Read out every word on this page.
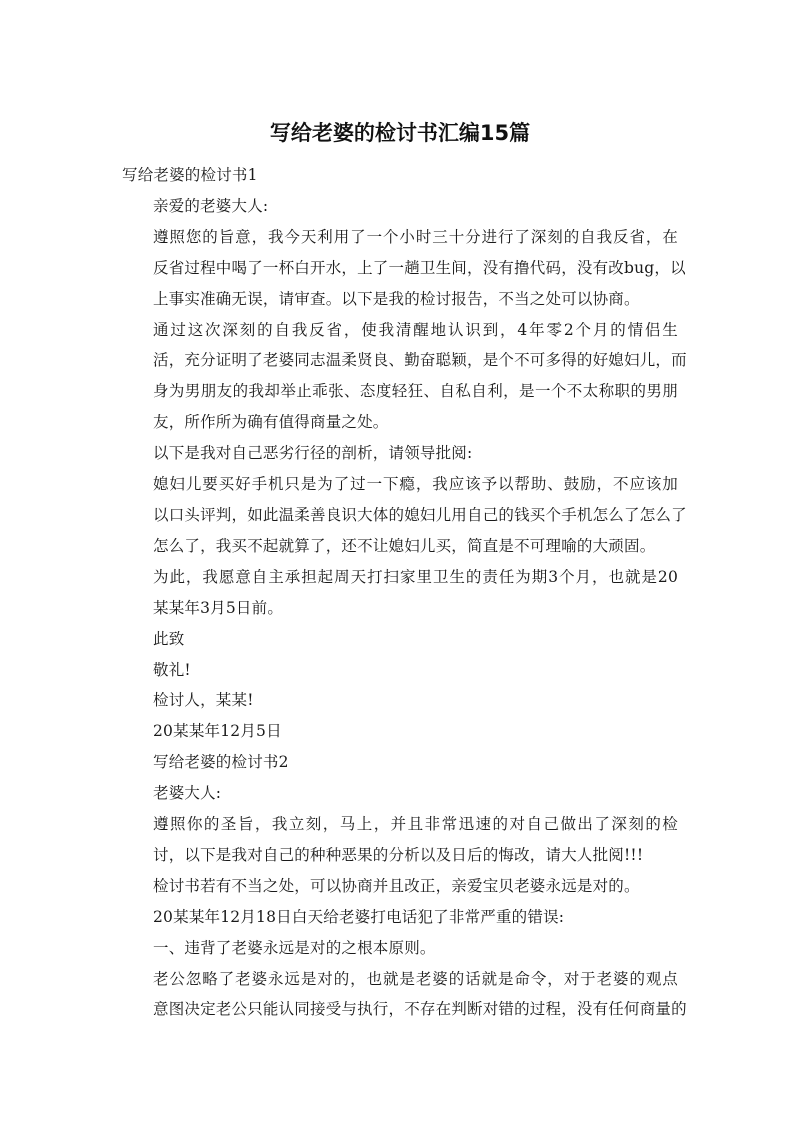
写给老婆的检讨书汇编15篇
写给老婆的检讨书1
亲爱的老婆大人:
遵照您的旨意，我今天利用了一个小时三十分进行了深刻的自我反省，在
反省过程中喝了一杯白开水，上了一趟卫生间，没有撸代码，没有改bug，以
上事实准确无误，请审查。以下是我的检讨报告，不当之处可以协商。
通过这次深刻的自我反省，使我清醒地认识到，4年零2个月的情侣生
活，充分证明了老婆同志温柔贤良、勤奋聪颖，是个不可多得的好媳妇儿，而
身为男朋友的我却举止乖张、态度轻狂、自私自利，是一个不太称职的男朋
友，所作所为确有值得商量之处。
以下是我对自己恶劣行径的剖析，请领导批阅:
媳妇儿要买好手机只是为了过一下瘾，我应该予以帮助、鼓励，不应该加
以口头评判，如此温柔善良识大体的媳妇儿用自己的钱买个手机怎么了怎么了
怎么了，我买不起就算了，还不让媳妇儿买，简直是不可理喻的大顽固。
为此，我愿意自主承担起周天打扫家里卫生的责任为期3个月，也就是20
某某年3月5日前。
此致
敬礼!
检讨人，某某!
20某某年12月5日
写给老婆的检讨书2
老婆大人:
遵照你的圣旨，我立刻，马上，并且非常迅速的对自己做出了深刻的检
讨，以下是我对自己的种种恶果的分析以及日后的悔改，请大人批阅!!!
检讨书若有不当之处，可以协商并且改正，亲爱宝贝老婆永远是对的。
20某某年12月18日白天给老婆打电话犯了非常严重的错误:
一、违背了老婆永远是对的之根本原则。
老公忽略了老婆永远是对的，也就是老婆的话就是命令，对于老婆的观点
意图决定老公只能认同接受与执行，不存在判断对错的过程，没有任何商量的
